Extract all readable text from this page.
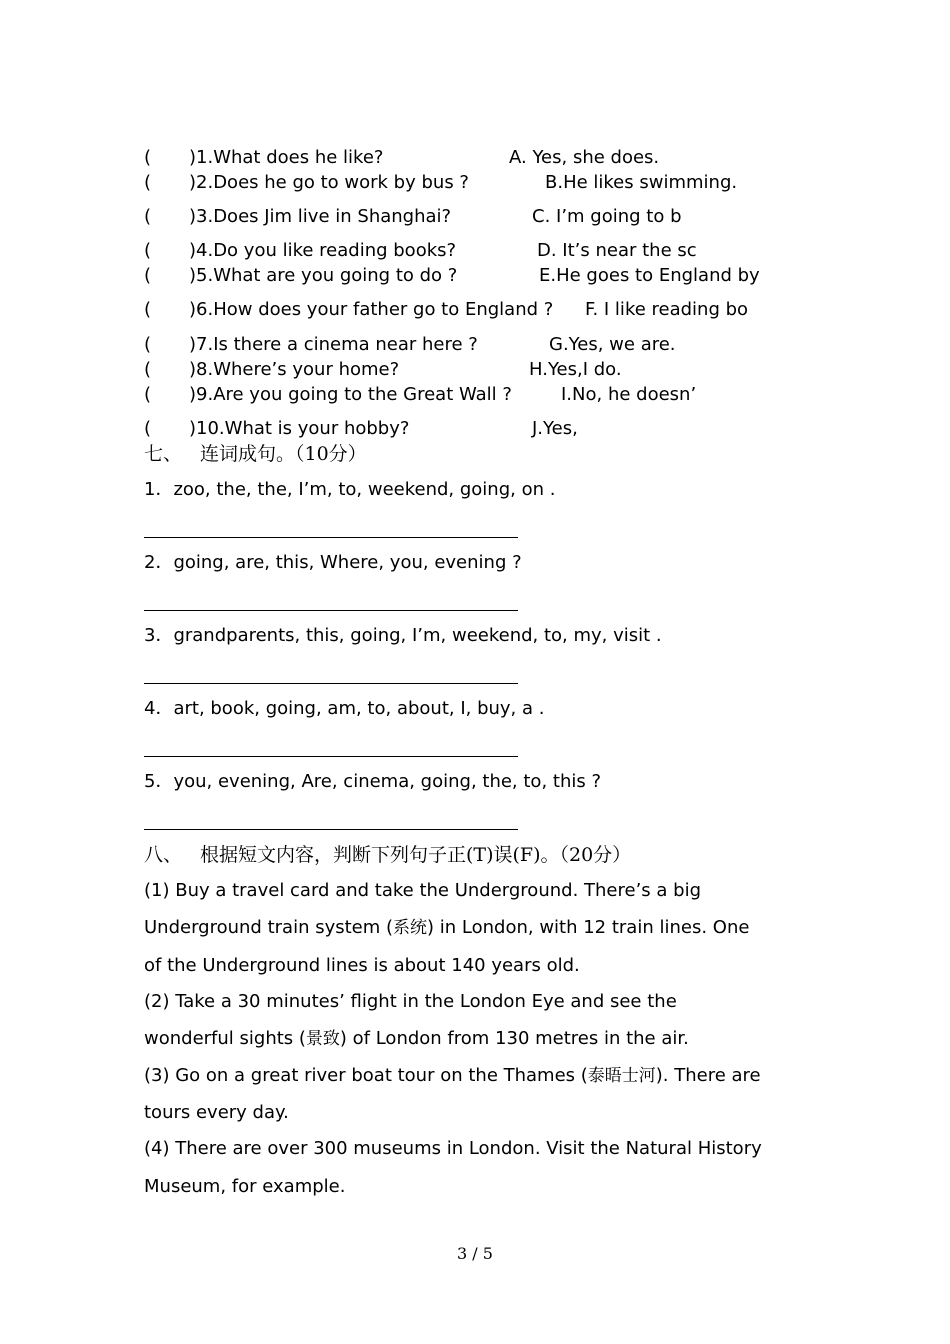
( )1.What does he like?	A. Yes, she does.
( )2.Does he go to work by bus ?	B.He likes swimming.
( )3.Does Jim live in Shanghai?	C. I’m going to b
( )4.Do you like reading books?	D. It’s near the sc
( )5.What are you going to do ?	E.He goes to England by
( )6.How does your father go to England ? F. I like reading bo
( )7.Is there a cinema near here ?	G.Yes, we are.
( )8.Where’s your home?	H.Yes,I do.
( )9.Are you going to the Great Wall ?	I.No, he doesn’
( )10.What is your hobby?	J.Yes,
七、 连词成句。（10分）
1．zoo, the, the, I’m, to, weekend, going, on .
2．going, are, this, Where, you, evening ?
3．grandparents, this, going, I’m, weekend, to, my, visit .
4．art, book, going, am, to, about, I, buy, a .
5．you, evening, Are, cinema, going, the, to, this ?
八、 根据短文内容，判断下列句子正(T)误(F)。（20分）
(1) Buy a travel card and take the Underground. There’s a big
Underground train system (系统) in London, with 12 train lines. One
of the Underground lines is about 140 years old.
(2) Take a 30 minutes’ flight in the London Eye and see the
wonderful sights (景致) of London from 130 metres in the air.
(3) Go on a great river boat tour on the Thames (泰晤士河). There are
tours every day.
(4) There are over 300 museums in London. Visit the Natural History
Museum, for example.
3 / 5
